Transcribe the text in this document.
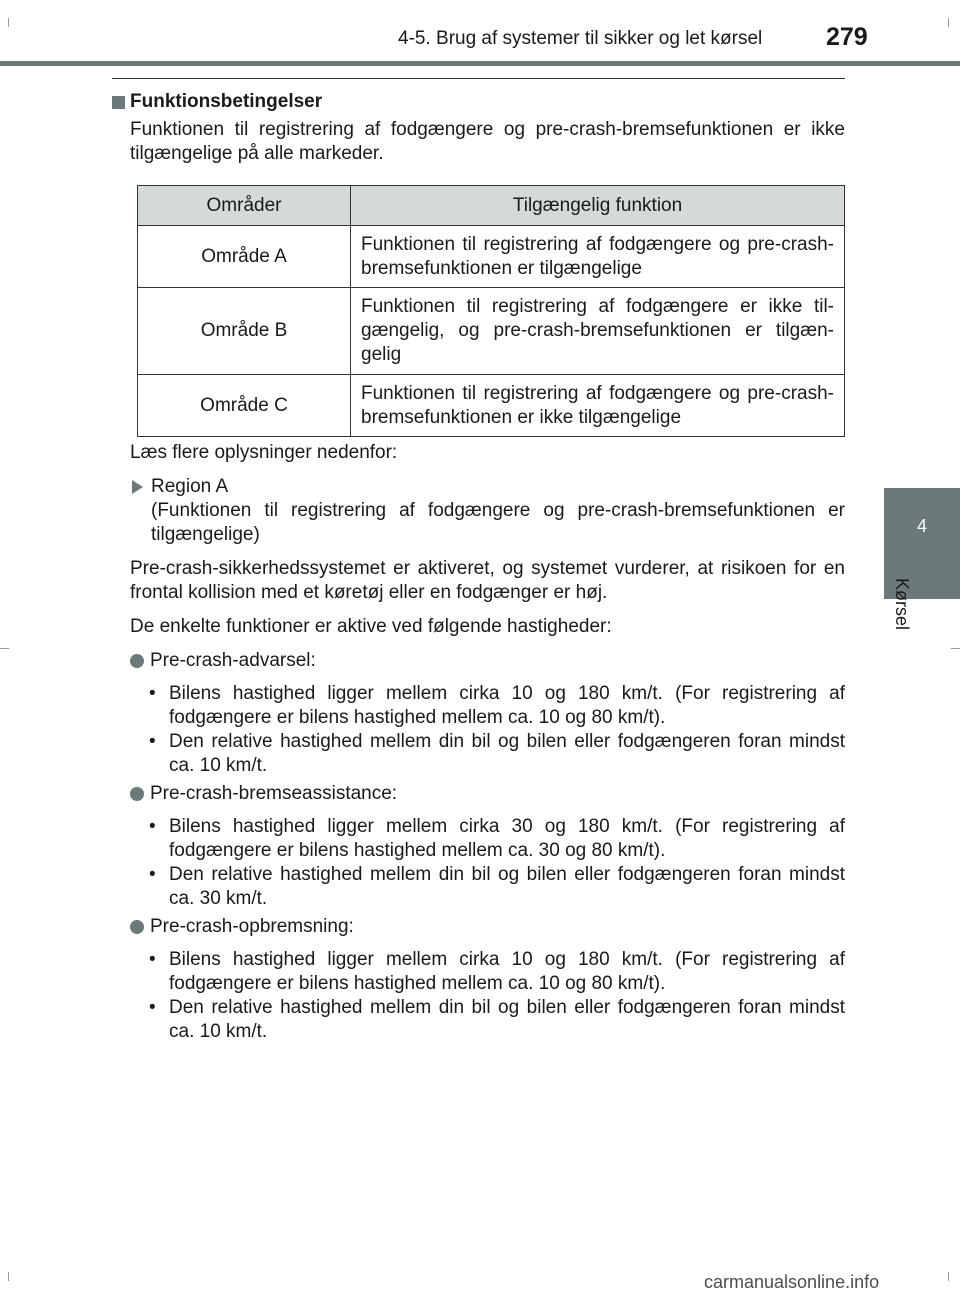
4-5. Brug af systemer til sikker og let kørsel	279
4
Kørsel
Funktionsbetingelser

Funktionen til registrering af fodgængere og pre-crash-bremsefunktionen er ikke tilgængelige på alle markeder.

Områder	Tilgængelig funktion
Område A	Funktionen til registrering af fodgængere og pre-crash-bremsefunktionen er tilgængelige
Område B	Funktionen til registrering af fodgængere er ikke til-gængelig, og pre-crash-bremsefunktionen er tilgæn-gelig
Område C	Funktionen til registrering af fodgængere og pre-crash-bremsefunktionen er ikke tilgængelige

Læs flere oplysninger nedenfor:

Region A
(Funktionen til registrering af fodgængere og pre-crash-bremsefunktionen er tilgængelige)

Pre-crash-sikkerhedssystemet er aktiveret, og systemet vurderer, at risikoen for en frontal kollision med et køretøj eller en fodgænger er høj.

De enkelte funktioner er aktive ved følgende hastigheder:

Pre-crash-advarsel:
• Bilens hastighed ligger mellem cirka 10 og 180 km/t. (For registrering af fodgængere er bilens hastighed mellem ca. 10 og 80 km/t).
• Den relative hastighed mellem din bil og bilen eller fodgængeren foran mindst ca. 10 km/t.
Pre-crash-bremseassistance:
• Bilens hastighed ligger mellem cirka 30 og 180 km/t. (For registrering af fodgængere er bilens hastighed mellem ca. 30 og 80 km/t).
• Den relative hastighed mellem din bil og bilen eller fodgængeren foran mindst ca. 30 km/t.
Pre-crash-opbremsning:
• Bilens hastighed ligger mellem cirka 10 og 180 km/t. (For registrering af fodgængere er bilens hastighed mellem ca. 10 og 80 km/t).
• Den relative hastighed mellem din bil og bilen eller fodgængeren foran mindst ca. 10 km/t.
carmanualsonline.info
